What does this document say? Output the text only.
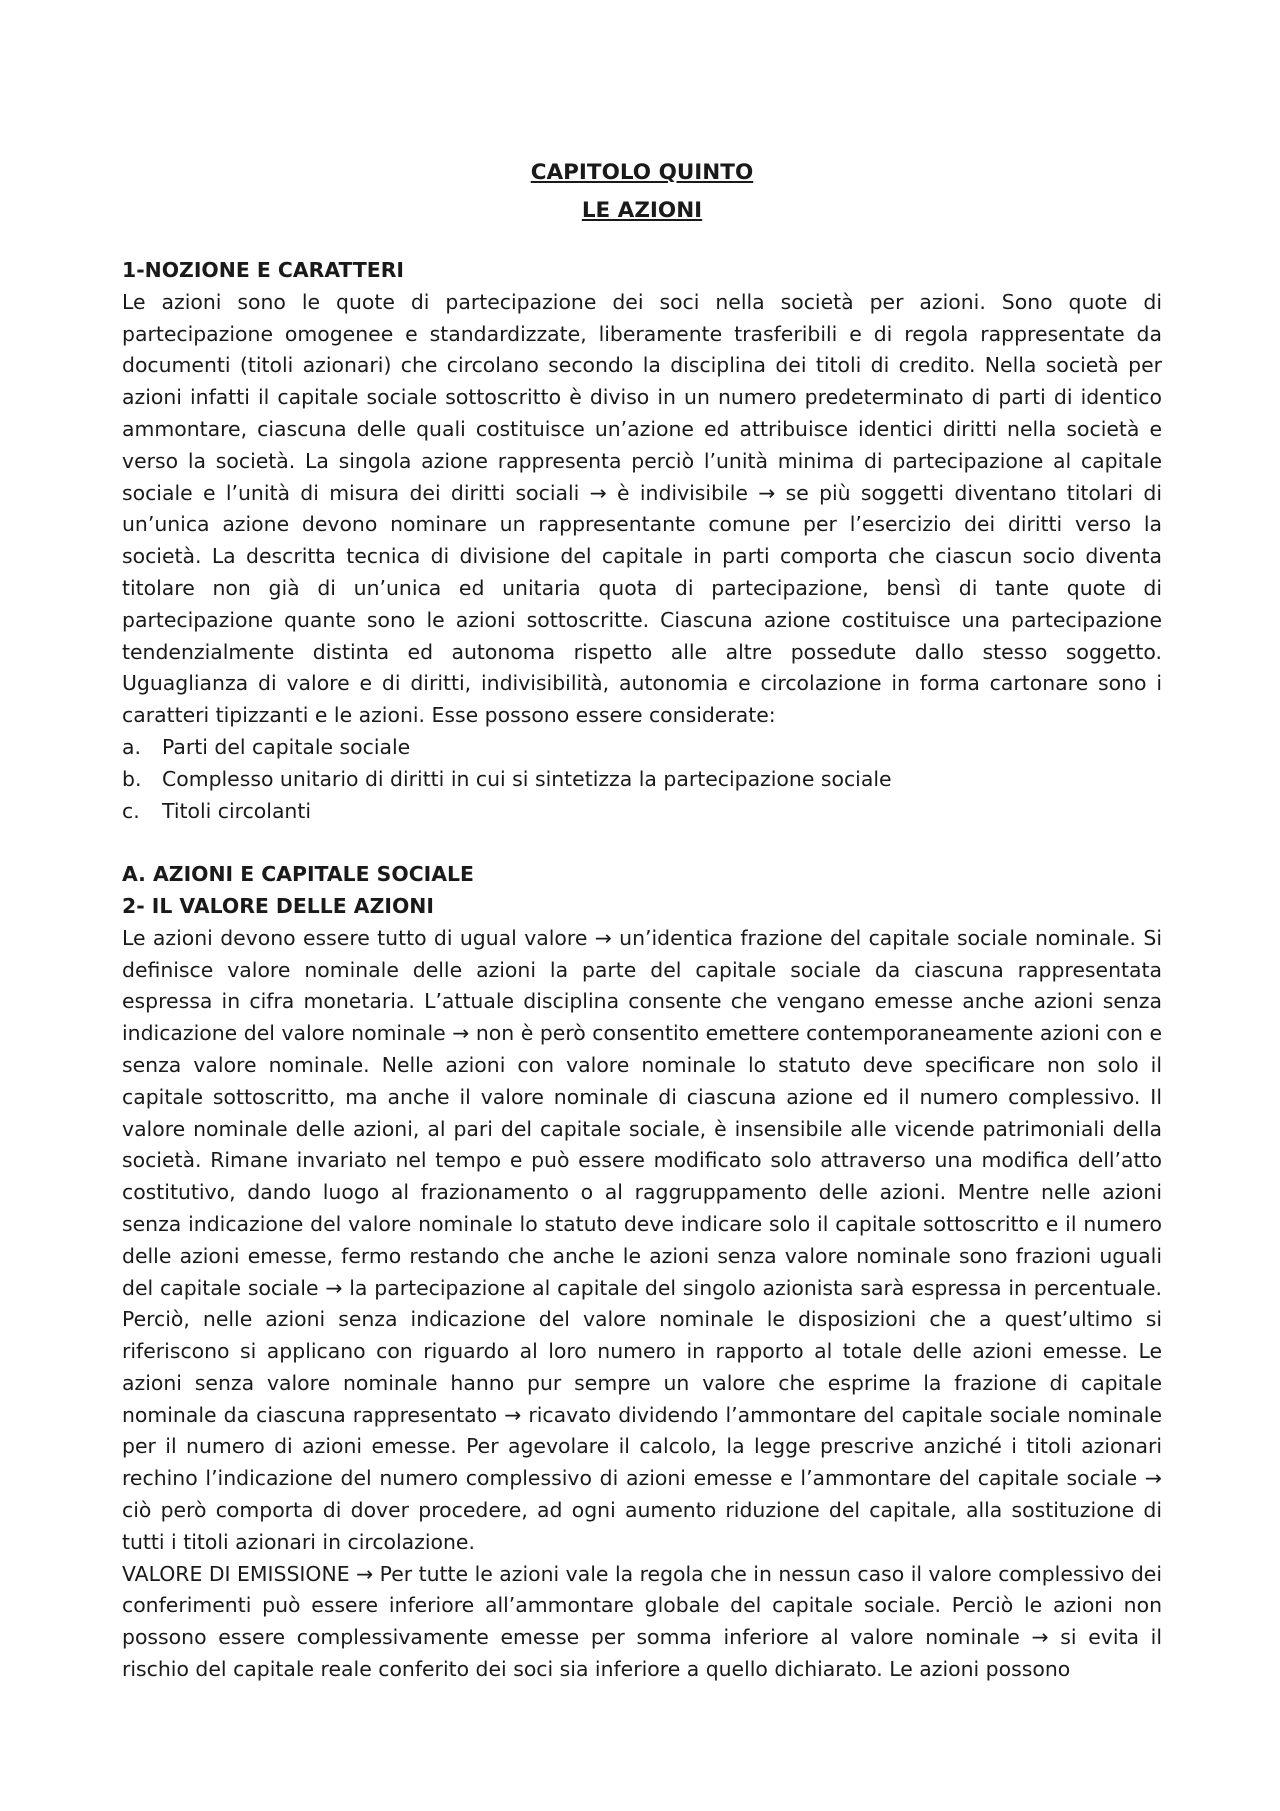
CAPITOLO QUINTO
LE AZIONI

1-NOZIONE E CARATTERI

Le azioni sono le quote di partecipazione dei soci nella società per azioni. Sono quote di partecipazione omogenee e standardizzate, liberamente trasferibili e di regola rappresentate da documenti (titoli azionari) che circolano secondo la disciplina dei titoli di credito. Nella società per azioni infatti il capitale sociale sottoscritto è diviso in un numero predeterminato di parti di identico ammontare, ciascuna delle quali costituisce un’azione ed attribuisce identici diritti nella società e verso la società. La singola azione rappresenta perciò l’unità minima di partecipazione al capitale sociale e l’unità di misura dei diritti sociali → è indivisibile → se più soggetti diventano titolari di un’unica azione devono nominare un rappresentante comune per l’esercizio dei diritti verso la società. La descritta tecnica di divisione del capitale in parti comporta che ciascun socio diventa titolare non già di un’unica ed unitaria quota di partecipazione, bensì di tante quote di partecipazione quante sono le azioni sottoscritte. Ciascuna azione costituisce una partecipazione tendenzialmente distinta ed autonoma rispetto alle altre possedute dallo stesso soggetto. Uguaglianza di valore e di diritti, indivisibilità, autonomia e circolazione in forma cartonare sono i caratteri tipizzanti e le azioni. Esse possono essere considerate:

a.	Parti del capitale sociale
b.	Complesso unitario di diritti in cui si sintetizza la partecipazione sociale
c.	Titoli circolanti

A. AZIONI E CAPITALE SOCIALE

2- IL VALORE DELLE AZIONI

Le azioni devono essere tutto di ugual valore → un’identica frazione del capitale sociale nominale. Si definisce valore nominale delle azioni la parte del capitale sociale da ciascuna rappresentata espressa in cifra monetaria. L’attuale disciplina consente che vengano emesse anche azioni senza indicazione del valore nominale → non è però consentito emettere contemporaneamente azioni con e senza valore nominale. Nelle azioni con valore nominale lo statuto deve specificare non solo il capitale sottoscritto, ma anche il valore nominale di ciascuna azione ed il numero complessivo. Il valore nominale delle azioni, al pari del capitale sociale, è insensibile alle vicende patrimoniali della società. Rimane invariato nel tempo e può essere modificato solo attraverso una modifica dell’atto costitutivo, dando luogo al frazionamento o al raggruppamento delle azioni. Mentre nelle azioni senza indicazione del valore nominale lo statuto deve indicare solo il capitale sottoscritto e il numero delle azioni emesse, fermo restando che anche le azioni senza valore nominale sono frazioni uguali del capitale sociale → la partecipazione al capitale del singolo azionista sarà espressa in percentuale. Perciò, nelle azioni senza indicazione del valore nominale le disposizioni che a quest’ultimo si riferiscono si applicano con riguardo al loro numero in rapporto al totale delle azioni emesse. Le azioni senza valore nominale hanno pur sempre un valore che esprime la frazione di capitale nominale da ciascuna rappresentato → ricavato dividendo l’ammontare del capitale sociale nominale per il numero di azioni emesse. Per agevolare il calcolo, la legge prescrive anziché i titoli azionari rechino l’indicazione del numero complessivo di azioni emesse e l’ammontare del capitale sociale → ciò però comporta di dover procedere, ad ogni aumento riduzione del capitale, alla sostituzione di tutti i titoli azionari in circolazione.

VALORE DI EMISSIONE → Per tutte le azioni vale la regola che in nessun caso il valore complessivo dei conferimenti può essere inferiore all’ammontare globale del capitale sociale. Perciò le azioni non possono essere complessivamente emesse per somma inferiore al valore nominale → si evita il rischio del capitale reale conferito dei soci sia inferiore a quello dichiarato. Le azioni possono
